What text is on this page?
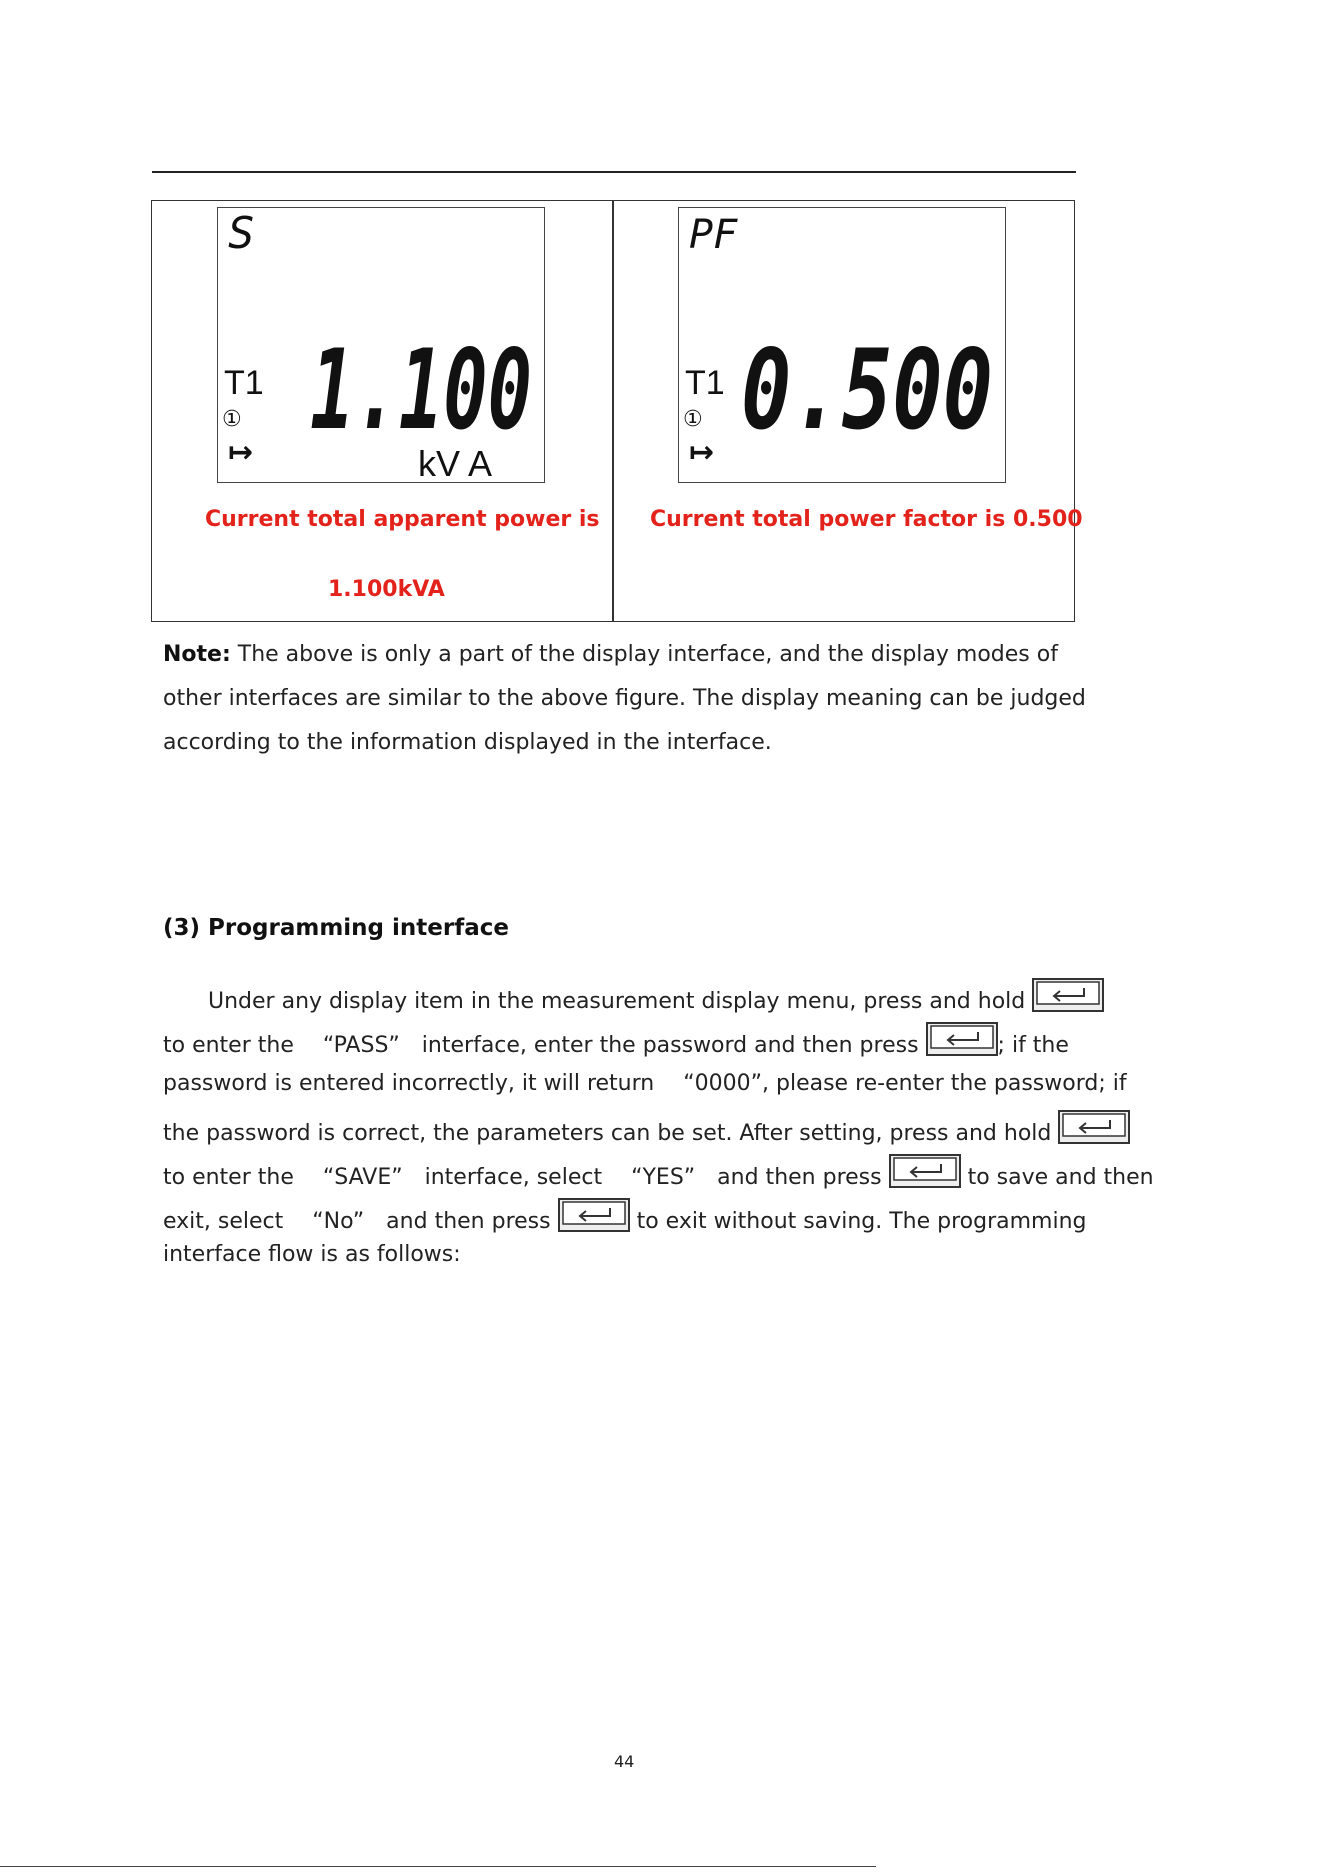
S
T1
①
↦ 1.100
kV A
PF
T1
①
↦ 0.500
Current total apparent power is
1.100kVA
Current total power factor is 0.500
Note: The above is only a part of the display interface, and the display modes of other interfaces are similar to the above figure. The display meaning can be judged according to the information displayed in the interface.
(3) Programming interface
Under any display item in the measurement display menu, press and hold
to enter the 　“PASS”　interface, enter the password and then press	; if the
password is entered incorrectly, it will return 　“0000”, please re-enter the password; if
the password is correct, the parameters can be set. After setting, press and hold
to enter the 　“SAVE”　interface, select 　“YES”　and then press	to save and then
exit, select 　“No”　and then press	to exit without saving. The programming
interface flow is as follows:
44
